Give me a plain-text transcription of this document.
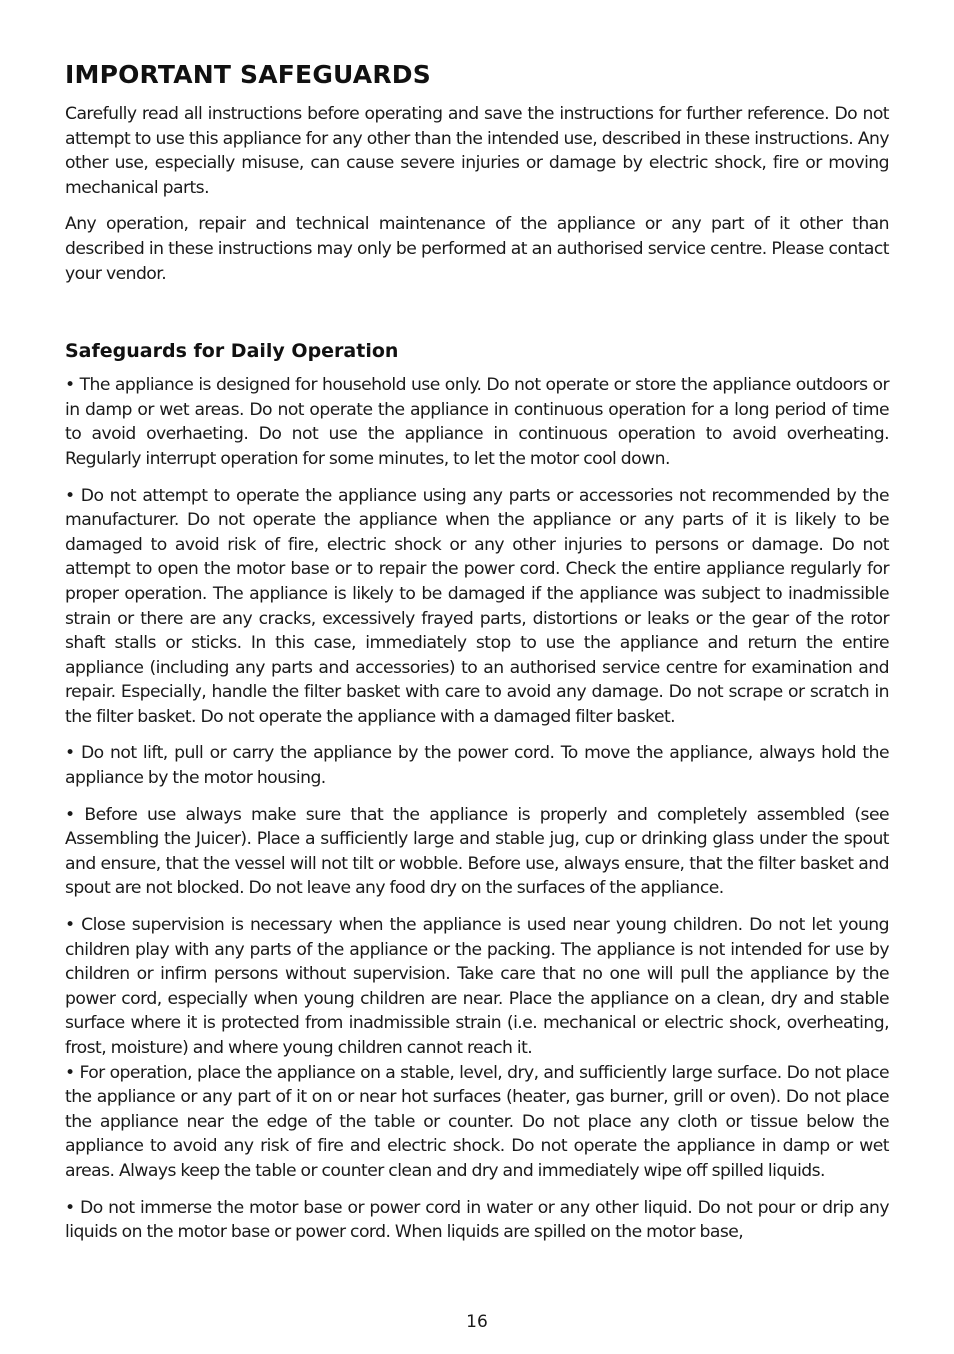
IMPORTANT SAFEGUARDS

Carefully read all instructions before operating and save the instructions for further reference. Do not attempt to use this appliance for any other than the intended use, described in these instructions. Any other use, especially misuse, can cause severe injuries or damage by electric shock, fire or moving mechanical parts.

Any operation, repair and technical maintenance of the appliance or any part of it other than described in these instructions may only be performed at an authorised service centre. Please contact your vendor.

Safeguards for Daily Operation

• The appliance is designed for household use only. Do not operate or store the appliance outdoors or in damp or wet areas. Do not operate the appliance in continuous operation for a long period of time to avoid overhaeting. Do not use the appliance in continuous operation to avoid overheating. Regularly interrupt operation for some minutes, to let the motor cool down.

• Do not attempt to operate the appliance using any parts or accessories not recommended by the manufacturer. Do not operate the appliance when the appliance or any parts of it is likely to be damaged to avoid risk of fire, electric shock or any other injuries to persons or damage. Do not attempt to open the motor base or to repair the power cord. Check the entire appliance regularly for proper operation. The appliance is likely to be damaged if the appliance was subject to inadmissible strain or there are any cracks, excessively frayed parts, distortions or leaks or the gear of the rotor shaft stalls or sticks. In this case, immediately stop to use the appliance and return the entire appliance (including any parts and accessories) to an authorised service centre for examination and repair. Especially, handle the filter basket with care to avoid any damage. Do not scrape or scratch in the filter basket. Do not operate the appliance with a damaged filter basket.

• Do not lift, pull or carry the appliance by the power cord. To move the appliance, always hold the appliance by the motor housing.

• Before use always make sure that the appliance is properly and completely assembled (see Assembling the Juicer). Place a sufficiently large and stable jug, cup or drinking glass under the spout and ensure, that the vessel will not tilt or wobble. Before use, always ensure, that the filter basket and spout are not blocked. Do not leave any food dry on the surfaces of the appliance.

• Close supervision is necessary when the appliance is used near young children. Do not let young children play with any parts of the appliance or the packing. The appliance is not intended for use by children or infirm persons without supervision. Take care that no one will pull the appliance by the power cord, especially when young children are near. Place the appliance on a clean, dry and stable surface where it is protected from inadmissible strain (i.e. mechanical or electric shock, overheating, frost, moisture) and where young children cannot reach it.

• For operation, place the appliance on a stable, level, dry, and sufficiently large surface. Do not place the appliance or any part of it on or near hot surfaces (heater, gas burner, grill or oven). Do not place the appliance near the edge of the table or counter. Do not place any cloth or tissue below the appliance to avoid any risk of fire and electric shock. Do not operate the appliance in damp or wet areas. Always keep the table or counter clean and dry and immediately wipe off spilled liquids.

• Do not immerse the motor base or power cord in water or any other liquid. Do not pour or drip any liquids on the motor base or power cord. When liquids are spilled on the motor base,

16
